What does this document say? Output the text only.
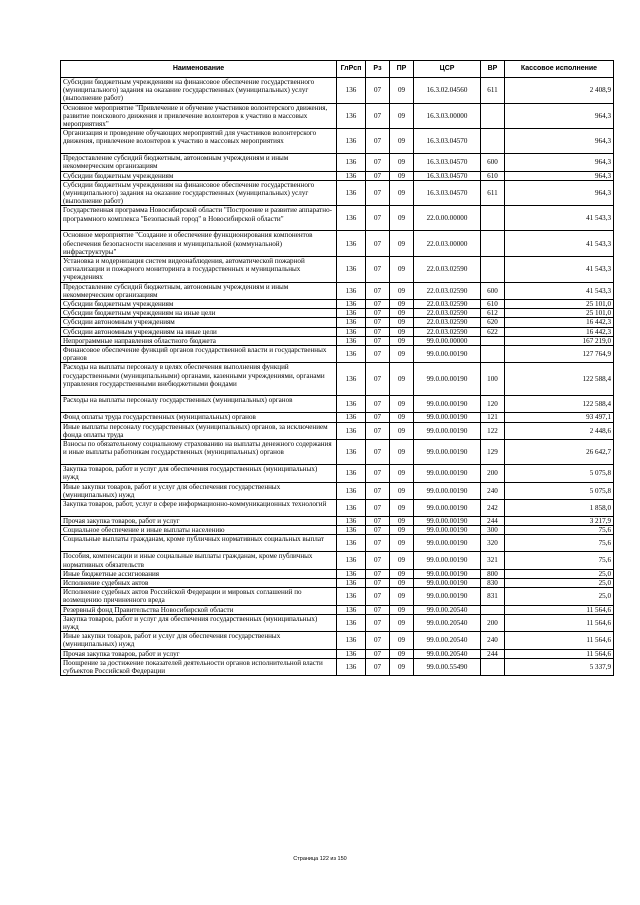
Наименование	ГлРсп	Рз	ПР	ЦСР	ВР	Кассовое исполнение
Субсидии бюджетным учреждениям на финансовое обеспечение государственного (муниципального) задания на оказание государственных (муниципальных) услуг (выполнение работ)	136	07	09	16.3.02.04560	611	2 408,9
Основное мероприятие "Привлечение и обучение участников волонтерского движения, развитие поискового движения и привлечение волонтеров к участию в массовых мероприятиях"	136	07	09	16.3.03.00000		964,3
Организация и проведение обучающих мероприятий для участников волонтерского движения, привлечение волонтеров к участию в массовых мероприятиях	136	07	09	16.3.03.04570		964,3
Предоставление субсидий бюджетным, автономным учреждениям и иным некоммерческим организациям	136	07	09	16.3.03.04570	600	964,3
Субсидии бюджетным учреждениям	136	07	09	16.3.03.04570	610	964,3
Субсидии бюджетным учреждениям на финансовое обеспечение государственного (муниципального) задания на оказание государственных (муниципальных) услуг (выполнение работ)	136	07	09	16.3.03.04570	611	964,3
Государственная программа Новосибирской области "Построение и развитие аппаратно-программного комплекса "Безопасный город" в Новосибирской области"	136	07	09	22.0.00.00000		41 543,3
Основное мероприятие "Создание и обеспечение функционирования компонентов обеспечения безопасности населения и муниципальной (коммунальной) инфраструктуры"	136	07	09	22.0.03.00000		41 543,3
Установка и модернизация систем видеонаблюдения, автоматической пожарной сигнализации и пожарного мониторинга в государственных и муниципальных учреждениях	136	07	09	22.0.03.02590		41 543,3
Предоставление субсидий бюджетным, автономным учреждениям и иным некоммерческим организациям	136	07	09	22.0.03.02590	600	41 543,3
Субсидии бюджетным учреждениям	136	07	09	22.0.03.02590	610	25 101,0
Субсидии бюджетным учреждениям на иные цели	136	07	09	22.0.03.02590	612	25 101,0
Субсидии автономным учреждениям	136	07	09	22.0.03.02590	620	16 442,3
Субсидии автономным учреждениям на иные цели	136	07	09	22.0.03.02590	622	16 442,3
Непрограммные направления областного бюджета	136	07	09	99.0.00.00000		167 219,0
Финансовое обеспечение функций органов государственной власти и государственных органов	136	07	09	99.0.00.00190		127 764,9
Расходы на выплаты персоналу в целях обеспечения выполнения функций государственными (муниципальными) органами, казенными учреждениями, органами управления государственными внебюджетными фондами	136	07	09	99.0.00.00190	100	122 588,4
Расходы на выплаты персоналу государственных (муниципальных) органов	136	07	09	99.0.00.00190	120	122 588,4
Фонд оплаты труда государственных (муниципальных) органов	136	07	09	99.0.00.00190	121	93 497,1
Иные выплаты персоналу государственных (муниципальных) органов, за исключением фонда оплаты труда	136	07	09	99.0.00.00190	122	2 448,6
Взносы по обязательному социальному страхованию на выплаты денежного содержания и иные выплаты работникам государственных (муниципальных) органов	136	07	09	99.0.00.00190	129	26 642,7
Закупка товаров, работ и услуг для обеспечения государственных (муниципальных) нужд	136	07	09	99.0.00.00190	200	5 075,8
Иные закупки товаров, работ и услуг для обеспечения государственных (муниципальных) нужд	136	07	09	99.0.00.00190	240	5 075,8
Закупка товаров, работ, услуг в сфере информационно-коммуникационных технологий	136	07	09	99.0.00.00190	242	1 858,0
Прочая закупка товаров, работ и услуг	136	07	09	99.0.00.00190	244	3 217,9
Социальное обеспечение и иные выплаты населению	136	07	09	99.0.00.00190	300	75,6
Социальные выплаты гражданам, кроме публичных нормативных социальных выплат	136	07	09	99.0.00.00190	320	75,6
Пособия, компенсации и иные социальные выплаты гражданам, кроме публичных нормативных обязательств	136	07	09	99.0.00.00190	321	75,6
Иные бюджетные ассигнования	136	07	09	99.0.00.00190	800	25,0
Исполнение судебных актов	136	07	09	99.0.00.00190	830	25,0
Исполнение судебных актов Российской Федерации и мировых соглашений по возмещению причиненного вреда	136	07	09	99.0.00.00190	831	25,0
Резервный фонд Правительства Новосибирской области	136	07	09	99.0.00.20540		11 564,6
Закупка товаров, работ и услуг для обеспечения государственных (муниципальных) нужд	136	07	09	99.0.00.20540	200	11 564,6
Иные закупки товаров, работ и услуг для обеспечения государственных (муниципальных) нужд	136	07	09	99.0.00.20540	240	11 564,6
Прочая закупка товаров, работ и услуг	136	07	09	99.0.00.20540	244	11 564,6
Поощрение за достижение показателей деятельности органов исполнительной власти субъектов Российской Федерации	136	07	09	99.0.00.55490		5 337,9
Страница 122 из 150
